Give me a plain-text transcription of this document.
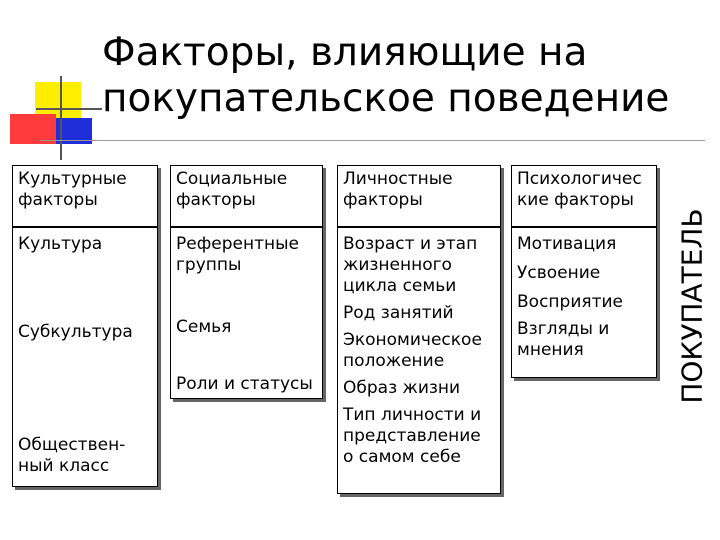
Факторы, влияющие на
покупательское поведение
Культурные факторы
Культура
Субкультура
Обществен-ный класс
Социальные факторы
Референтные группы
Семья
Роли и статусы
Личностные факторы
Возраст и этап жизненного цикла семьи
Род занятий
Экономическое положение
Образ жизни
Тип личности и представление о самом себе
Психологичес кие факторы
Мотивация
Усвоение
Восприятие
Взгляды и мнения	ПОКУПАТЕЛЬ
